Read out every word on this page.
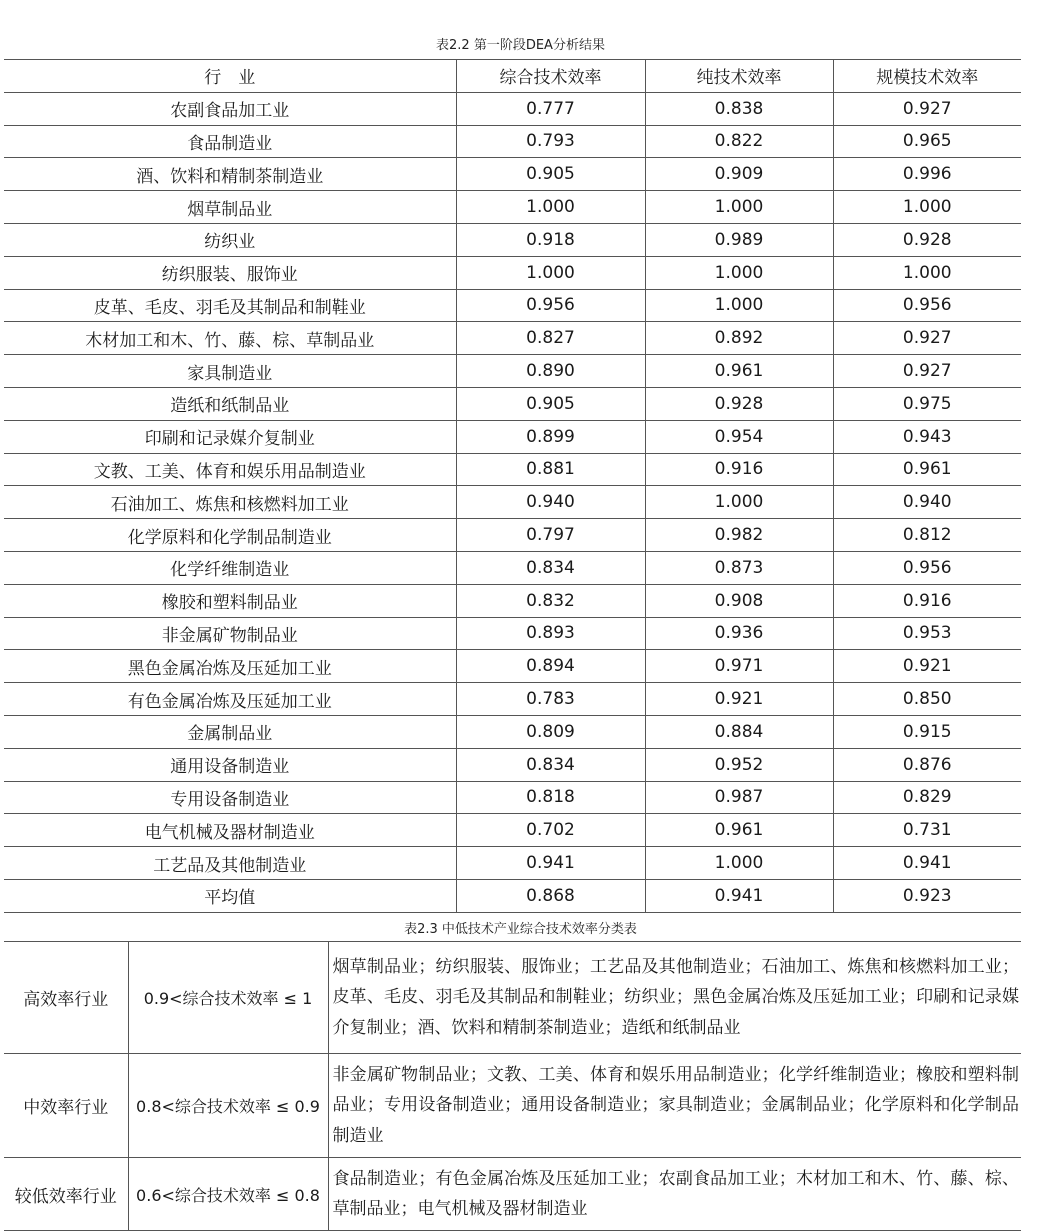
表2.2 第一阶段DEA分析结果
行　业	综合技术效率	纯技术效率	规模技术效率
农副食品加工业	0.777	0.838	0.927
食品制造业	0.793	0.822	0.965
酒、饮料和精制茶制造业	0.905	0.909	0.996
烟草制品业	1.000	1.000	1.000
纺织业	0.918	0.989	0.928
纺织服装、服饰业	1.000	1.000	1.000
皮革、毛皮、羽毛及其制品和制鞋业	0.956	1.000	0.956
木材加工和木、竹、藤、棕、草制品业	0.827	0.892	0.927
家具制造业	0.890	0.961	0.927
造纸和纸制品业	0.905	0.928	0.975
印刷和记录媒介复制业	0.899	0.954	0.943
文教、工美、体育和娱乐用品制造业	0.881	0.916	0.961
石油加工、炼焦和核燃料加工业	0.940	1.000	0.940
化学原料和化学制品制造业	0.797	0.982	0.812
化学纤维制造业	0.834	0.873	0.956
橡胶和塑料制品业	0.832	0.908	0.916
非金属矿物制品业	0.893	0.936	0.953
黑色金属冶炼及压延加工业	0.894	0.971	0.921
有色金属冶炼及压延加工业	0.783	0.921	0.850
金属制品业	0.809	0.884	0.915
通用设备制造业	0.834	0.952	0.876
专用设备制造业	0.818	0.987	0.829
电气机械及器材制造业	0.702	0.961	0.731
工艺品及其他制造业	0.941	1.000	0.941
平均值	0.868	0.941	0.923
表2.3 中低技术产业综合技术效率分类表
高效率行业	0.9<综合技术效率 ≤ 1	烟草制品业；纺织服装、服饰业；工艺品及其他制造业；石油加工、炼焦和核燃料加工业；皮革、毛皮、羽毛及其制品和制鞋业；纺织业；黑色金属冶炼及压延加工业；印刷和记录媒介复制业；酒、饮料和精制茶制造业；造纸和纸制品业
中效率行业	0.8<综合技术效率 ≤ 0.9	非金属矿物制品业；文教、工美、体育和娱乐用品制造业；化学纤维制造业；橡胶和塑料制品业；专用设备制造业；通用设备制造业；家具制造业；金属制品业；化学原料和化学制品制造业
较低效率行业	0.6<综合技术效率 ≤ 0.8	食品制造业；有色金属冶炼及压延加工业；农副食品加工业；木材加工和木、竹、藤、棕、草制品业；电气机械及器材制造业
